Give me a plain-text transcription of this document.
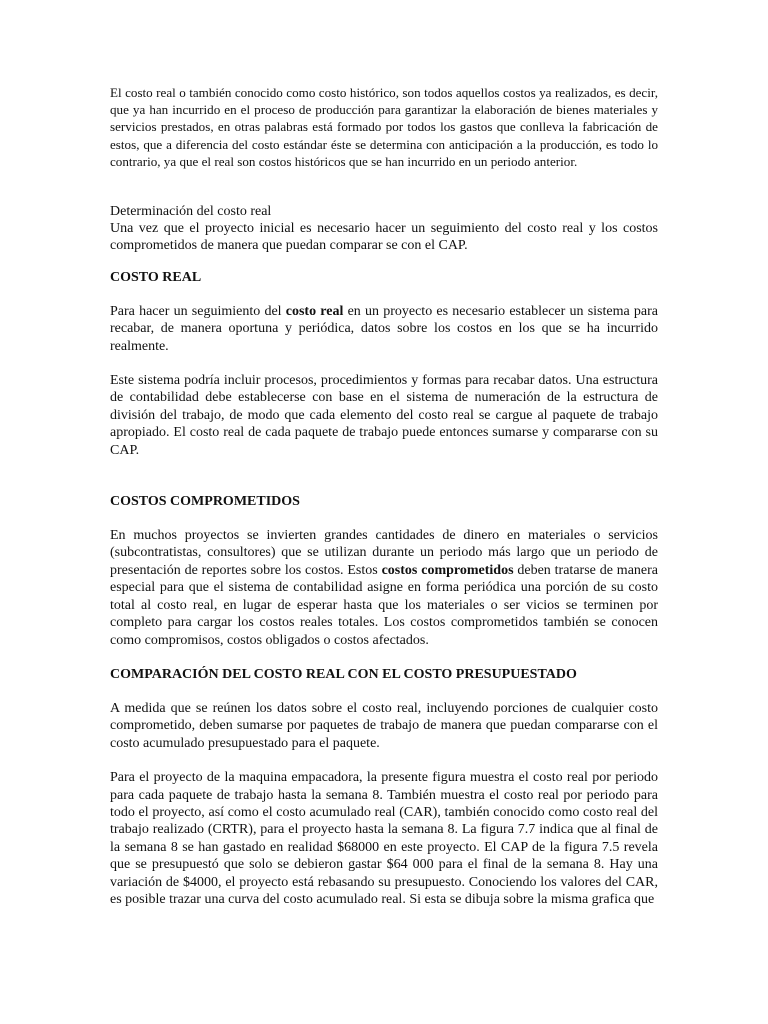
El costo real o también conocido como costo histórico, son todos aquellos costos ya realizados, es decir, que ya han incurrido en el proceso de producción para garantizar la elaboración de bienes materiales y servicios prestados, en otras palabras está formado por todos los gastos que conlleva la fabricación de estos, que a diferencia del costo estándar éste se determina con anticipación a la producción, es todo lo contrario, ya que el real son costos históricos que se han incurrido en un periodo anterior.

Determinación del costo real

Una vez que el proyecto inicial es necesario hacer un seguimiento del costo real y los costos comprometidos de manera que puedan comparar se con el CAP.

COSTO REAL

Para hacer un seguimiento del costo real en un proyecto es necesario establecer un sistema para recabar, de manera oportuna y periódica, datos sobre los costos en los que se ha incurrido realmente.

Este sistema podría incluir procesos, procedimientos y formas para recabar datos. Una estructura de contabilidad debe establecerse con base en el sistema de numeración de la estructura de división del trabajo, de modo que cada elemento del costo real se cargue al paquete de trabajo apropiado. El costo real de cada paquete de trabajo puede entonces sumarse y compararse con su CAP.

COSTOS COMPROMETIDOS

En muchos proyectos se invierten grandes cantidades de dinero en materiales o servicios (subcontratistas, consultores) que se utilizan durante un periodo más largo que un periodo de presentación de reportes sobre los costos. Estos costos comprometidos deben tratarse de manera especial para que el sistema de contabilidad asigne en forma periódica una porción de su costo total al costo real, en lugar de esperar hasta que los materiales o ser vicios se terminen por completo para cargar los costos reales totales. Los costos comprometidos también se conocen como compromisos, costos obligados o costos afectados.

COMPARACIÓN DEL COSTO REAL CON EL COSTO PRESUPUESTADO

A medida que se reúnen los datos sobre el costo real, incluyendo porciones de cualquier costo comprometido, deben sumarse por paquetes de trabajo de manera que puedan compararse con el costo acumulado presupuestado para el paquete.

Para el proyecto de la maquina empacadora, la presente figura muestra el costo real por periodo para cada paquete de trabajo hasta la semana 8. También muestra el costo real por periodo para todo el proyecto, así como el costo acumulado real (CAR), también conocido como costo real del trabajo realizado (CRTR), para el proyecto hasta la semana 8. La figura 7.7 indica que al final de la semana 8 se han gastado en realidad $68000 en este proyecto. El CAP de la figura 7.5 revela que se presupuestó que solo se debieron gastar $64 000 para el final de la semana 8. Hay una variación de $4000, el proyecto está rebasando su presupuesto. Conociendo los valores del CAR, es posible trazar una curva del costo acumulado real. Si esta se dibuja sobre la misma grafica que
